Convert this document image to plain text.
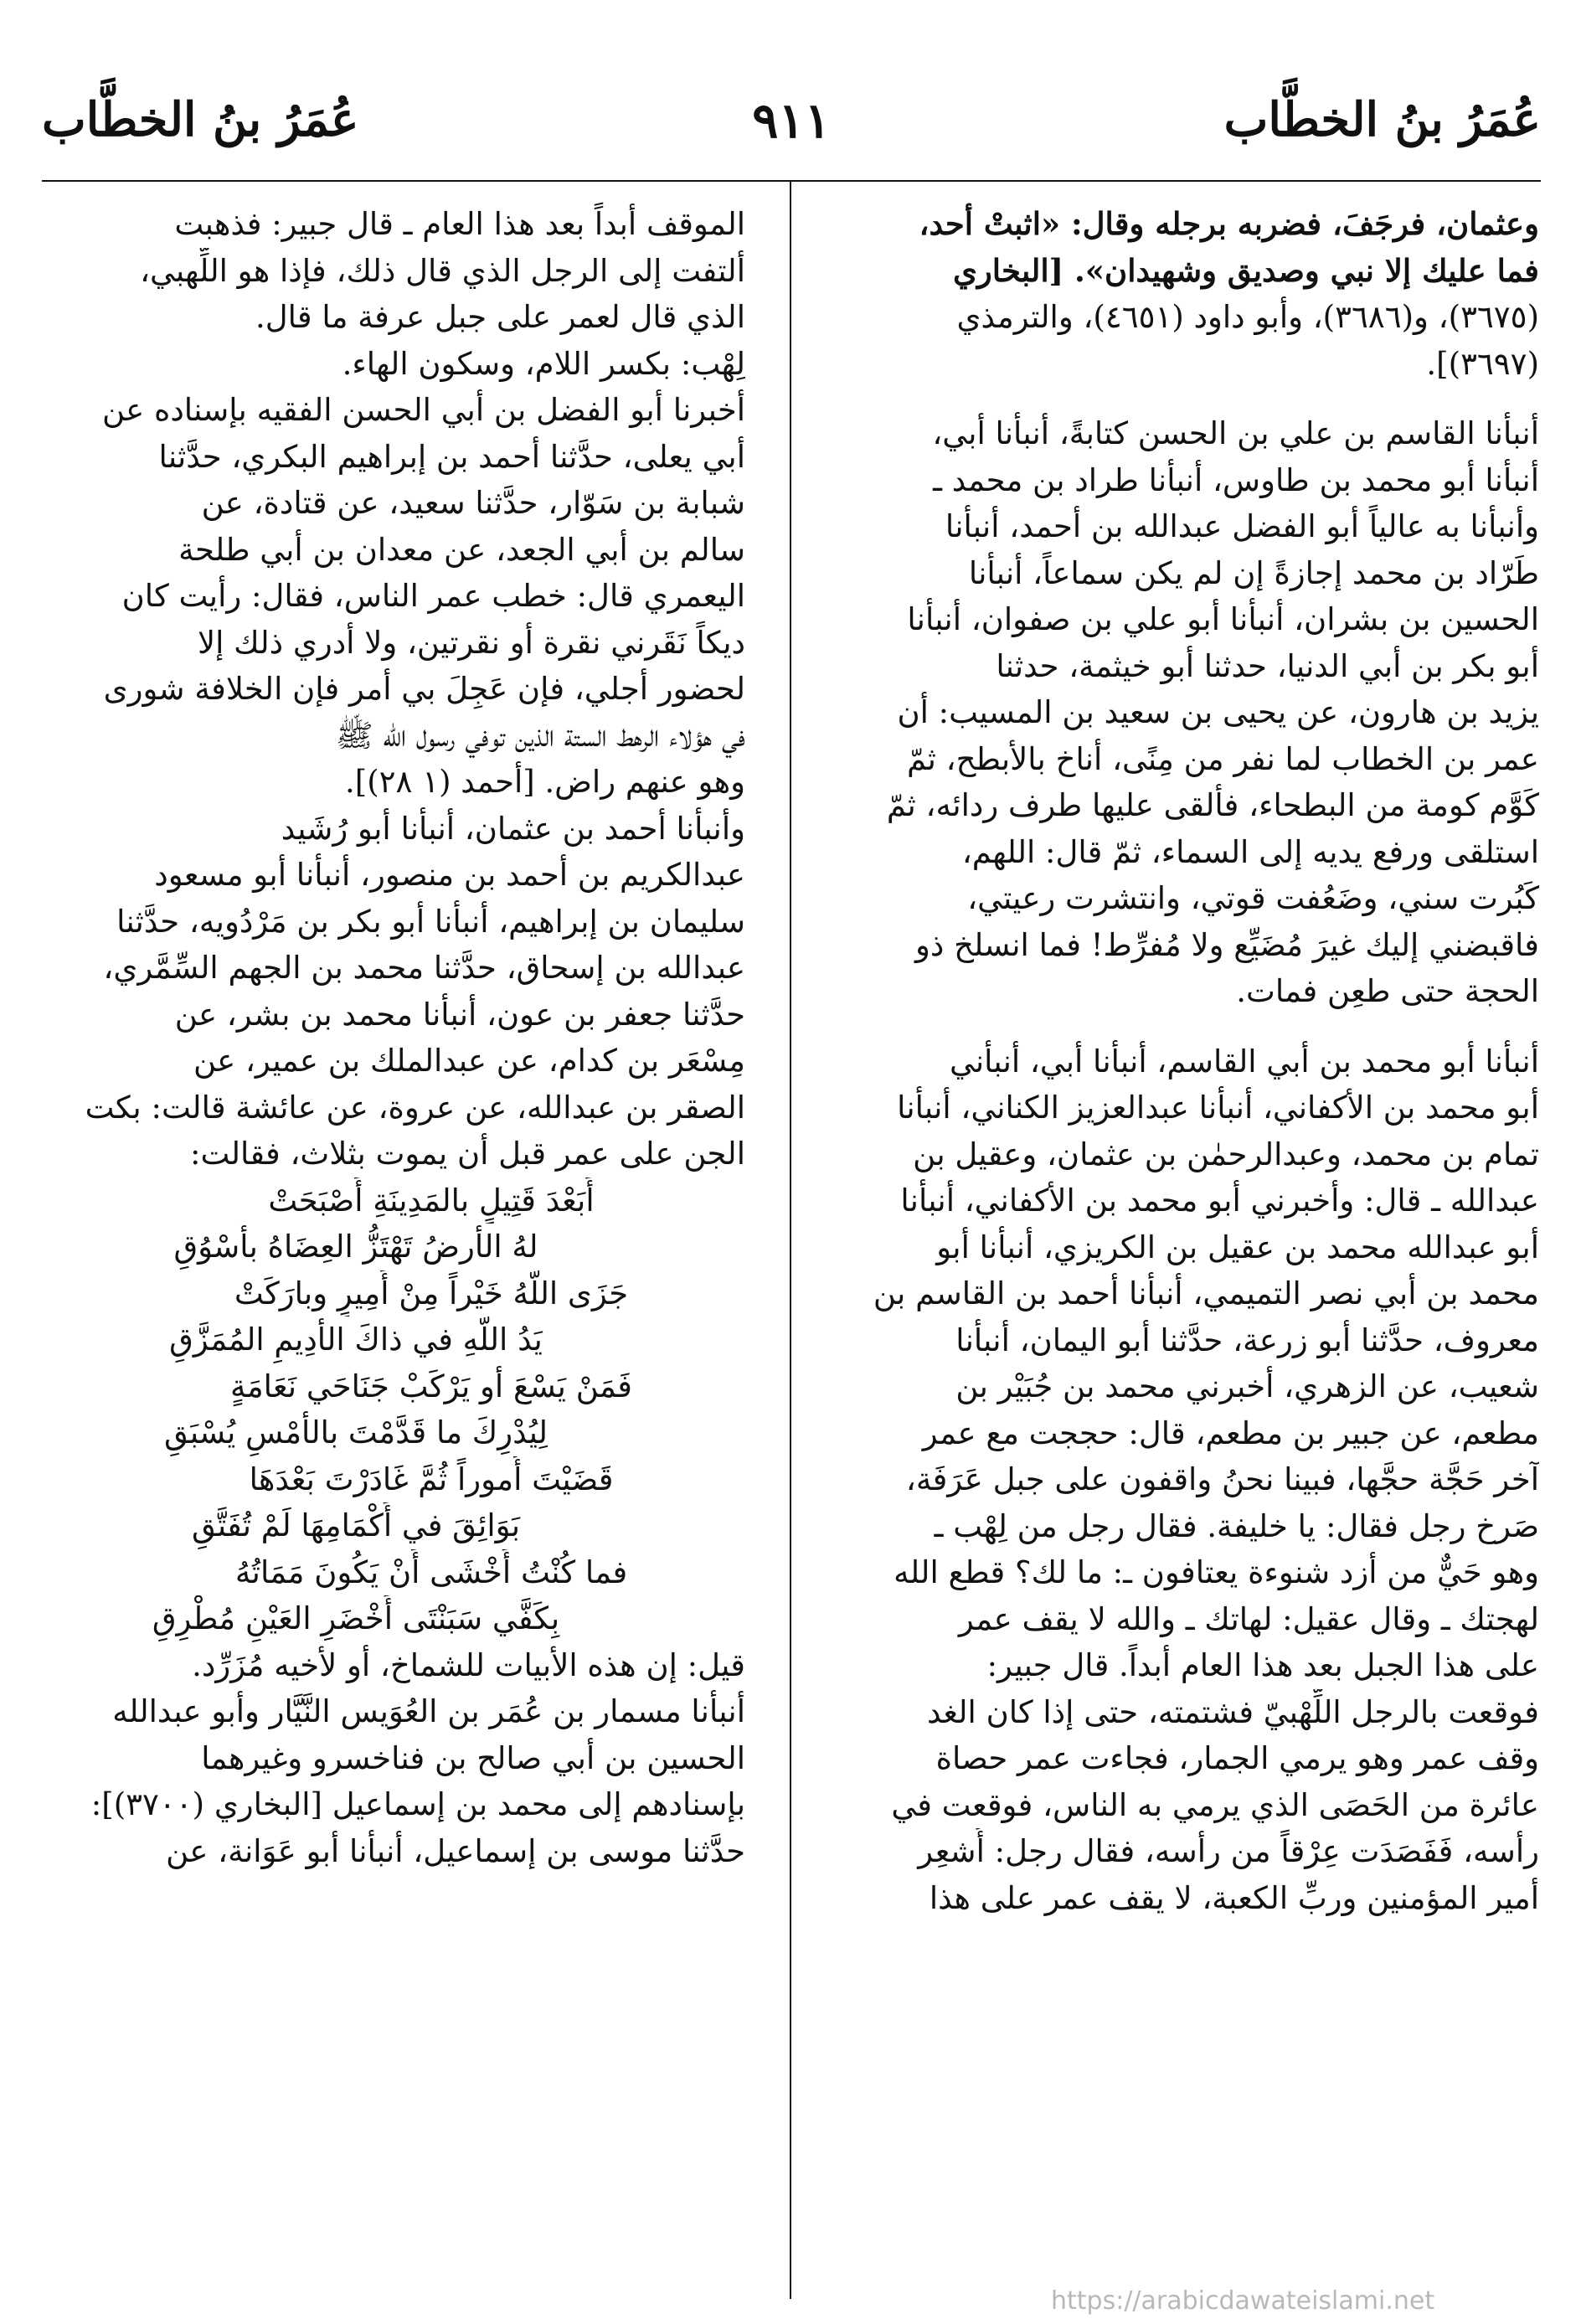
عُمَرُ بنُ الخطَّاب
٩١١
عُمَرُ بنُ الخطَّاب
وعثمان، فرجَفَ، فضربه برجله وقال: «اثبتْ أحد،
فما عليك إلا نبي وصديق وشهيدان». [البخاري
(٣٦٧٥)، و(٣٦٨٦)، وأبو داود (٤٦٥١)، والترمذي
(٣٦٩٧)].
أنبأنا القاسم بن علي بن الحسن كتابةً، أنبأنا أبي،
أنبأنا أبو محمد بن طاوس، أنبأنا طراد بن محمد ـ
وأنبأنا به عالياً أبو الفضل عبدالله بن أحمد، أنبأنا
طَرّاد بن محمد إجازةً إن لم يكن سماعاً، أنبأنا
الحسين بن بشران، أنبأنا أبو علي بن صفوان، أنبأنا
أبو بكر بن أبي الدنيا، حدثنا أبو خيثمة، حدثنا
يزيد بن هارون، عن يحيى بن سعيد بن المسيب: أن
عمر بن الخطاب لما نفر من مِنًى، أناخ بالأبطح، ثمّ
كَوَّم كومة من البطحاء، فألقى عليها طرف ردائه، ثمّ
استلقى ورفع يديه إلى السماء، ثمّ قال: اللهم،
كَبُرت سني، وضَعُفت قوتي، وانتشرت رعيتي،
فاقبضني إليك غيرَ مُضَيِّع ولا مُفرِّط! فما انسلخ ذو
الحجة حتى طعِن فمات.
أنبأنا أبو محمد بن أبي القاسم، أنبأنا أبي، أنبأني
أبو محمد بن الأكفاني، أنبأنا عبدالعزيز الكناني، أنبأنا
تمام بن محمد، وعبدالرحمٰن بن عثمان، وعقيل بن
عبدالله ـ قال: وأخبرني أبو محمد بن الأكفاني، أنبأنا
أبو عبدالله محمد بن عقيل بن الكريزي، أنبأنا أبو
محمد بن أبي نصر التميمي، أنبأنا أحمد بن القاسم بن
معروف، حدَّثنا أبو زرعة، حدَّثنا أبو اليمان، أنبأنا
شعيب، عن الزهري، أخبرني محمد بن جُبَيْر بن
مطعم، عن جبير بن مطعم، قال: حججت مع عمر
آخر حَجَّة حجَّها، فبينا نحنُ واقفون على جبل عَرَفَة،
صَرخ رجل فقال: يا خليفة. فقال رجل من لِهْب ـ
وهو حَيٌّ من أزد شنوءة يعتافون ـ: ما لك؟ قطع الله
لهجتك ـ وقال عقيل: لهاتك ـ والله لا يقف عمر
على هذا الجبل بعد هذا العام أبداً. قال جبير:
فوقعت بالرجل اللِّهْبيّ فشتمته، حتى إذا كان الغد
وقف عمر وهو يرمي الجمار، فجاءت عمر حصاة
عائرة من الحَصَى الذي يرمي به الناس، فوقعت في
رأسه، فَفَصَدَت عِرْقاً من رأسه، فقال رجل: أُشعِر
أمير المؤمنين وربِّ الكعبة، لا يقف عمر على هذا
الموقف أبداً بعد هذا العام ـ قال جبير: فذهبت
ألتفت إلى الرجل الذي قال ذلك، فإذا هو اللِّهبي،
الذي قال لعمر على جبل عرفة ما قال.
لِهْب: بكسر اللام، وسكون الهاء.
أخبرنا أبو الفضل بن أبي الحسن الفقيه بإسناده عن
أبي يعلى، حدَّثنا أحمد بن إبراهيم البكري، حدَّثنا
شبابة بن سَوّار، حدَّثنا سعيد، عن قتادة، عن
سالم بن أبي الجعد، عن معدان بن أبي طلحة
اليعمري قال: خطب عمر الناس، فقال: رأيت كان
ديكاً نَقَرني نقرة أو نقرتين، ولا أدري ذلك إلا
لحضور أجلي، فإن عَجِلَ بي أمر فإن الخلافة شورى
في هؤلاء الرهط الستة الذين توفي رسول الله ﷺ
وهو عنهم راض. [أحمد (١ ٢٨)].
وأنبأنا أحمد بن عثمان، أنبأنا أبو رُشَيد
عبدالكريم بن أحمد بن منصور، أنبأنا أبو مسعود
سليمان بن إبراهيم، أنبأنا أبو بكر بن مَرْدُويه، حدَّثنا
عبدالله بن إسحاق، حدَّثنا محمد بن الجهم السِّمَّري،
حدَّثنا جعفر بن عون، أنبأنا محمد بن بشر، عن
مِسْعَر بن كدام، عن عبدالملك بن عمير، عن
الصقر بن عبدالله، عن عروة، عن عائشة قالت: بكت
الجن على عمر قبل أن يموت بثلاث، فقالت:
أَبَعْدَ قَتِيلٍ بالمَدِينَةِ أَصْبَحَتْ
لهُ الأرضُ تَهْتَزُّ العِضَاهُ بأَسْوُقِ
جَزَى اللَّهُ خَيْراً مِنْ أَمِيرٍ وبارَكَتْ
يَدُ اللَّهِ في ذاكَ الأدِيمِ المُمَزَّقِ
فَمَنْ يَسْعَ أو يَرْكَبْ جَنَاحَي نَعَامَةٍ
لِيُدْرِكَ ما قَدَّمْتَ بالأمْسِ يُسْبَقِ
قَضَيْتَ أُموراً ثُمَّ غَادَرْتَ بَعْدَهَا
بَوَائِقَ في أَكْمَامِهَا لَمْ تُفَتَّقِ
فما كُنْتُ أَخْشَى أَنْ يَكُونَ مَمَاتُهُ
بِكَفَّي سَبَنْتَى أَخْضَرِ العَيْنِ مُطْرِقِ
قيل: إن هذه الأبيات للشماخ، أو لأخيه مُزَرِّد.
أنبأنا مسمار بن عُمَر بن العُوَيس النَّيَّار وأبو عبدالله
الحسين بن أبي صالح بن فناخسرو وغيرهما
بإسنادهم إلى محمد بن إسماعيل [البخاري (٣٧٠٠)]:
حدَّثنا موسى بن إسماعيل، أنبأنا أبو عَوَانة، عن
https://arabicdawateislami.net
